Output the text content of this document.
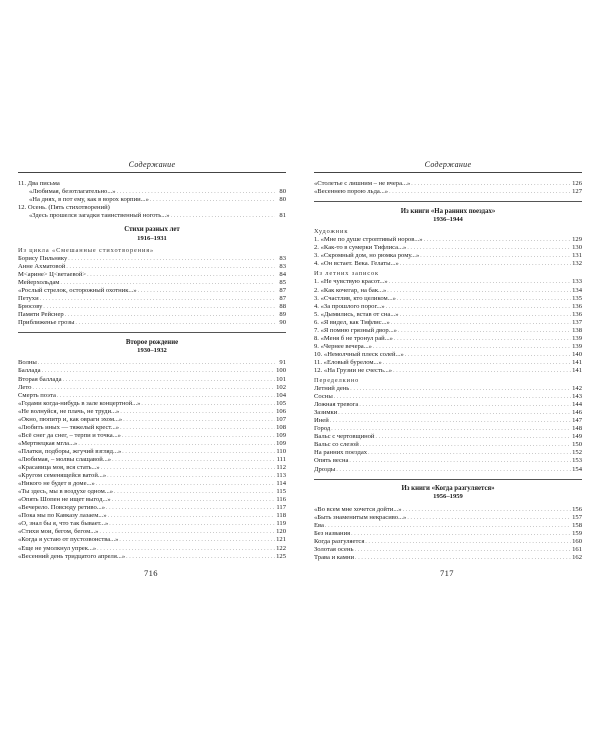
Содержание
11. Два письма
«Любимая, безотлагательно...» . . .	80
«На днях, в пот ему, как в ворох корпии...» . . .	80
12. Осень. (Пять стихотворений)
«Здесь прошелся загадки таинственный ноготь...» . . .	81
Стихи разных лет
1916–1931
Из цикла «Смешанные стихотворения»
Борису Пильняку . . .	83
Анне Ахматовой . . .	83
М<арине> Ц<ветаевой> . . .	84
Мейерхольдам . . .	85
«Рослый стрелок, осторожный охотник...» . . .	87
Петухи . . .	87
Брюсову . . .	88
Памяти Рейснер . . .	89
Приближенье грозы . . .	90
Второе рождение
1930–1932
Волны . . .	91
Баллада . . .	100
Вторая баллада . . .	101
Лето . . .	102
Смерть поэта . . .	104
«Годами когда-нибудь в зале концертной...» . . .	105
«Не волнуйся, не плачь, не труди...» . . .	106
«Окно, пюпитр и, как овраги эхом...» . . .	107
«Любить иных — тяжелый крест...» . . .	108
«Всё снег да снег, – терпи и точка...» . . .	109
«Мертвецкая мгла...» . . .	109
«Платки, подборы, жгучий взгляд...» . . .	110
«Любимая, – молвы слащавой...» . . .	111
«Красавица моя, вся стать...» . . .	112
«Кругом семенящейся ватой...» . . .	113
«Никого не будет в доме...» . . .	114
«Ты здесь, мы в воздухе одном...» . . .	115
«Опять Шопен не ищет выгод...» . . .	116
«Вечерело. Повсюду ретиво...» . . .	117
«Пока мы по Кавказу лазаем...» . . .	118
«О, знал бы я, что так бывает...» . . .	119
«Стихи мои, бегом, бегом...» . . .	120
«Когда я устаю от пустозвонства...» . . .	121
«Еще не умолкнул упрек...» . . .	122
«Весенний день тридцатого апреля...» . . .	125
716
Содержание
«Столетье с лишним – не вчера...» . . .	126
«Весеннею порою льда...» . . .	127
Из книги «На ранних поездах»
1936–1944
Художник
1. «Мне по душе строптивый норов...» . . .	129
2. «Как-то в сумерки Тифлиса...» . . .	130
3. «Скромный дом, но рюмка рому...» . . .	131
4. «Он встает. Века. Гелаты...» . . .	132
Из летних записок
1. «Не чувствую красот...» . . .	133
2. «Как кочегар, на бак...» . . .	134
3. «Счастлив, кто целиком...» . . .	135
4. «За прошлого порог...» . . .	136
5. «Дымились, встав от сна...» . . .	136
6. «Я видел, как Тифлис...» . . .	137
7. «Я помню грязный двор...» . . .	138
8. «Меня б не тронул рай...» . . .	139
9. «Чернее вечера...» . . .	139
10. «Немолчный плеск солей...» . . .	140
11. «Еловый бурелом...» . . .	141
12. «На Грузии не счесть...» . . .	141
Переделкино
Летний день . . .	142
Сосны . . .	143
Ложная тревога . . .	144
Зазимки . . .	146
Иней . . .	147
Город . . .	148
Вальс с чертовщиной . . .	149
Вальс со слезой . . .	150
На ранних поездах . . .	152
Опять весна . . .	153
Дрозды . . .	154
Из книги «Когда разгуляется»
1956–1959
«Во всем мне хочется дойти...» . . .	156
«Быть знаменитым некрасиво...» . . .	157
Ева . . .	158
Без названия . . .	159
Когда разгуляется . . .	160
Золотая осень . . .	161
Трава и камни . . .	162
717
